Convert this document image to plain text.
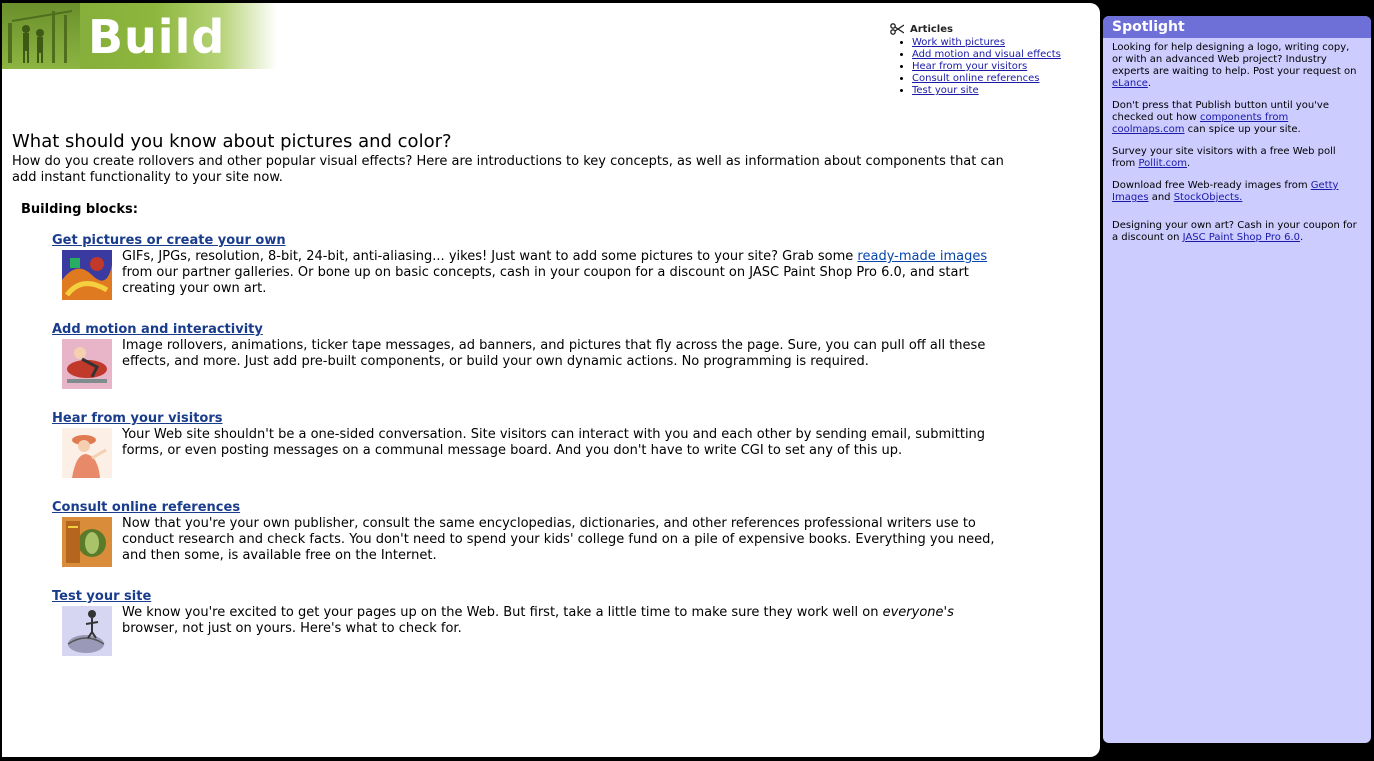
Build	Articles
• Work with pictures
• Add motion and visual effects
• Hear from your visitors
• Consult online references
• Test your site
What should you know about pictures and color?

How do you create rollovers and other popular visual effects? Here are introductions to key concepts, as well as information about components that can add instant functionality to your site now.

Building blocks:
Get pictures or create your own

GIFs, JPGs, resolution, 8-bit, 24-bit, anti-aliasing... yikes! Just want to add some pictures to your site? Grab some ready-made images from our partner galleries. Or bone up on basic concepts, cash in your coupon for a discount on JASC Paint Shop Pro 6.0, and start creating your own art.

Add motion and interactivity

Image rollovers, animations, ticker tape messages, ad banners, and pictures that fly across the page. Sure, you can pull off all these effects, and more. Just add pre-built components, or build your own dynamic actions. No programming is required.

Hear from your visitors

Your Web site shouldn't be a one-sided conversation. Site visitors can interact with you and each other by sending email, submitting forms, or even posting messages on a communal message board. And you don't have to write CGI to set any of this up.

Consult online references

Now that you're your own publisher, consult the same encyclopedias, dictionaries, and other references professional writers use to conduct research and check facts. You don't need to spend your kids' college fund on a pile of expensive books. Everything you need, and then some, is available free on the Internet.

Test your site

We know you're excited to get your pages up on the Web. But first, take a little time to make sure they work well on everyone's browser, not just on yours. Here's what to check for.

Spotlight

Looking for help designing a logo, writing copy, or with an advanced Web project? Industry experts are waiting to help. Post your request on eLance.

Don't press that Publish button until you've checked out how components from coolmaps.com can spice up your site.

Survey your site visitors with a free Web poll from Pollit.com.

Download free Web-ready images from Getty Images and StockObjects.

Designing your own art? Cash in your coupon for a discount on JASC Paint Shop Pro 6.0.
